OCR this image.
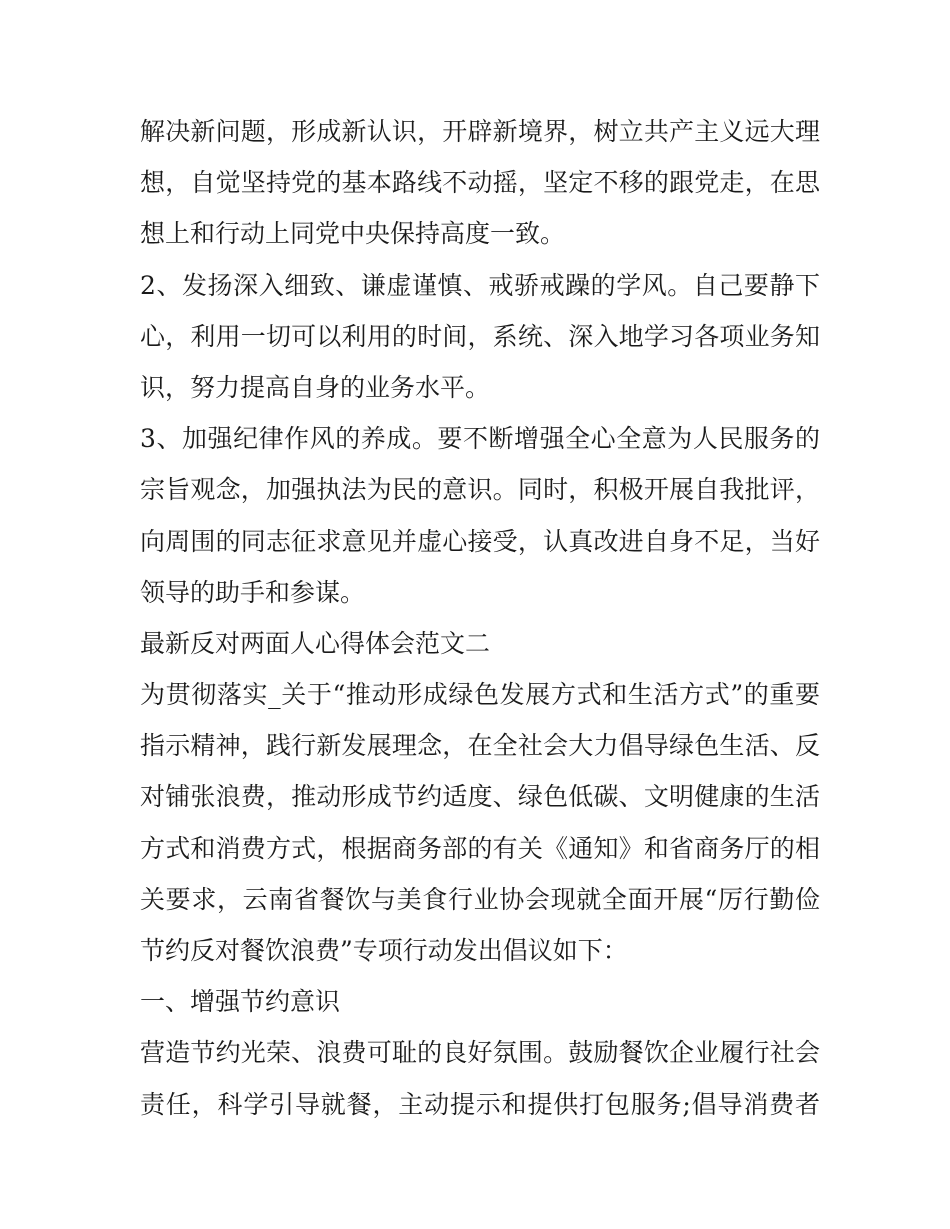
解决新问题，形成新认识，开辟新境界，树立共产主义远大理
想，自觉坚持党的基本路线不动摇，坚定不移的跟党走，在思
想上和行动上同党中央保持高度一致。
2、发扬深入细致、谦虚谨慎、戒骄戒躁的学风。自己要静下
心，利用一切可以利用的时间，系统、深入地学习各项业务知
识，努力提高自身的业务水平。
3、加强纪律作风的养成。要不断增强全心全意为人民服务的
宗旨观念，加强执法为民的意识。同时，积极开展自我批评，
向周围的同志征求意见并虚心接受，认真改进自身不足，当好
领导的助手和参谋。
最新反对两面人心得体会范文二
为贯彻落实_关于“推动形成绿色发展方式和生活方式”的重要
指示精神，践行新发展理念，在全社会大力倡导绿色生活、反
对铺张浪费，推动形成节约适度、绿色低碳、文明健康的生活
方式和消费方式，根据商务部的有关《通知》和省商务厅的相
关要求，云南省餐饮与美食行业协会现就全面开展“厉行勤俭
节约反对餐饮浪费”专项行动发出倡议如下：
一、增强节约意识
营造节约光荣、浪费可耻的良好氛围。鼓励餐饮企业履行社会
责任，科学引导就餐，主动提示和提供打包服务;倡导消费者
